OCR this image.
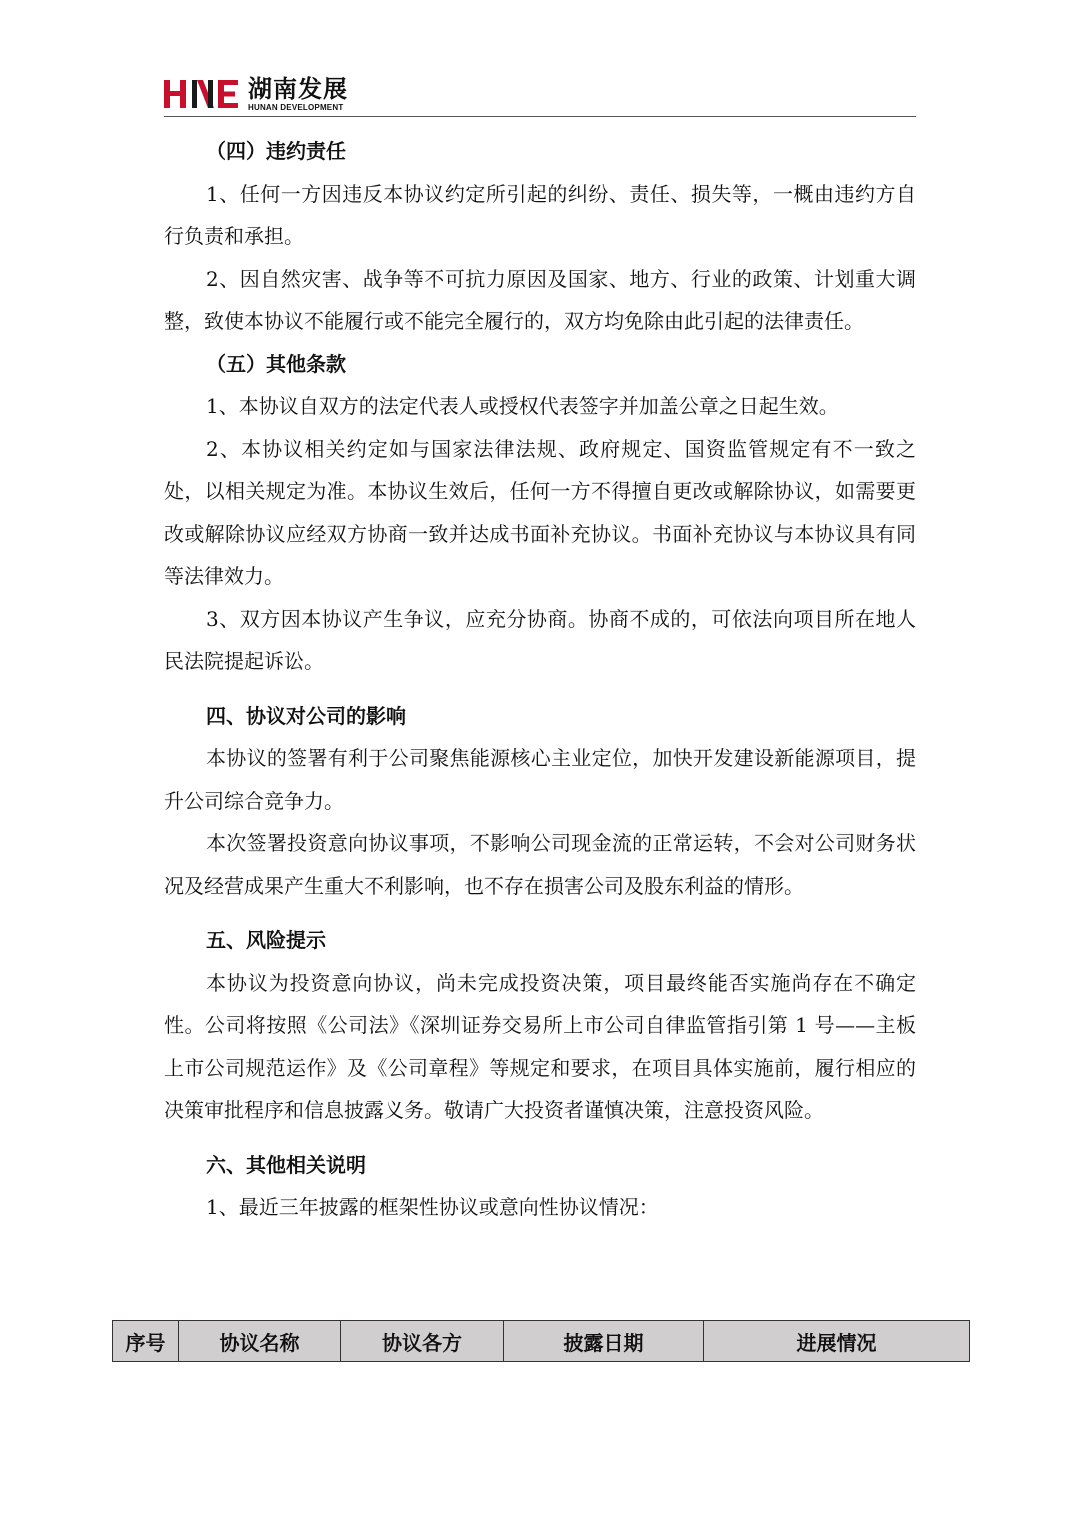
湖南发展
HUNAN DEVELOPMENT

（四）违约责任

1、任何一方因违反本协议约定所引起的纠纷、责任、损失等，一概由违约方自行负责和承担。

2、因自然灾害、战争等不可抗力原因及国家、地方、行业的政策、计划重大调整，致使本协议不能履行或不能完全履行的，双方均免除由此引起的法律责任。

（五）其他条款

1、本协议自双方的法定代表人或授权代表签字并加盖公章之日起生效。

2、本协议相关约定如与国家法律法规、政府规定、国资监管规定有不一致之处，以相关规定为准。本协议生效后，任何一方不得擅自更改或解除协议，如需要更改或解除协议应经双方协商一致并达成书面补充协议。书面补充协议与本协议具有同等法律效力。

3、双方因本协议产生争议，应充分协商。协商不成的，可依法向项目所在地人民法院提起诉讼。

四、协议对公司的影响

本协议的签署有利于公司聚焦能源核心主业定位，加快开发建设新能源项目，提升公司综合竞争力。

本次签署投资意向协议事项，不影响公司现金流的正常运转，不会对公司财务状况及经营成果产生重大不利影响，也不存在损害公司及股东利益的情形。

五、风险提示

本协议为投资意向协议，尚未完成投资决策，项目最终能否实施尚存在不确定性。公司将按照《公司法》《深圳证券交易所上市公司自律监管指引第 1 号——主板上市公司规范运作》及《公司章程》等规定和要求，在项目具体实施前，履行相应的决策审批程序和信息披露义务。敬请广大投资者谨慎决策，注意投资风险。

六、其他相关说明

1、最近三年披露的框架性协议或意向性协议情况：

序号	协议名称	协议各方	披露日期	进展情况
